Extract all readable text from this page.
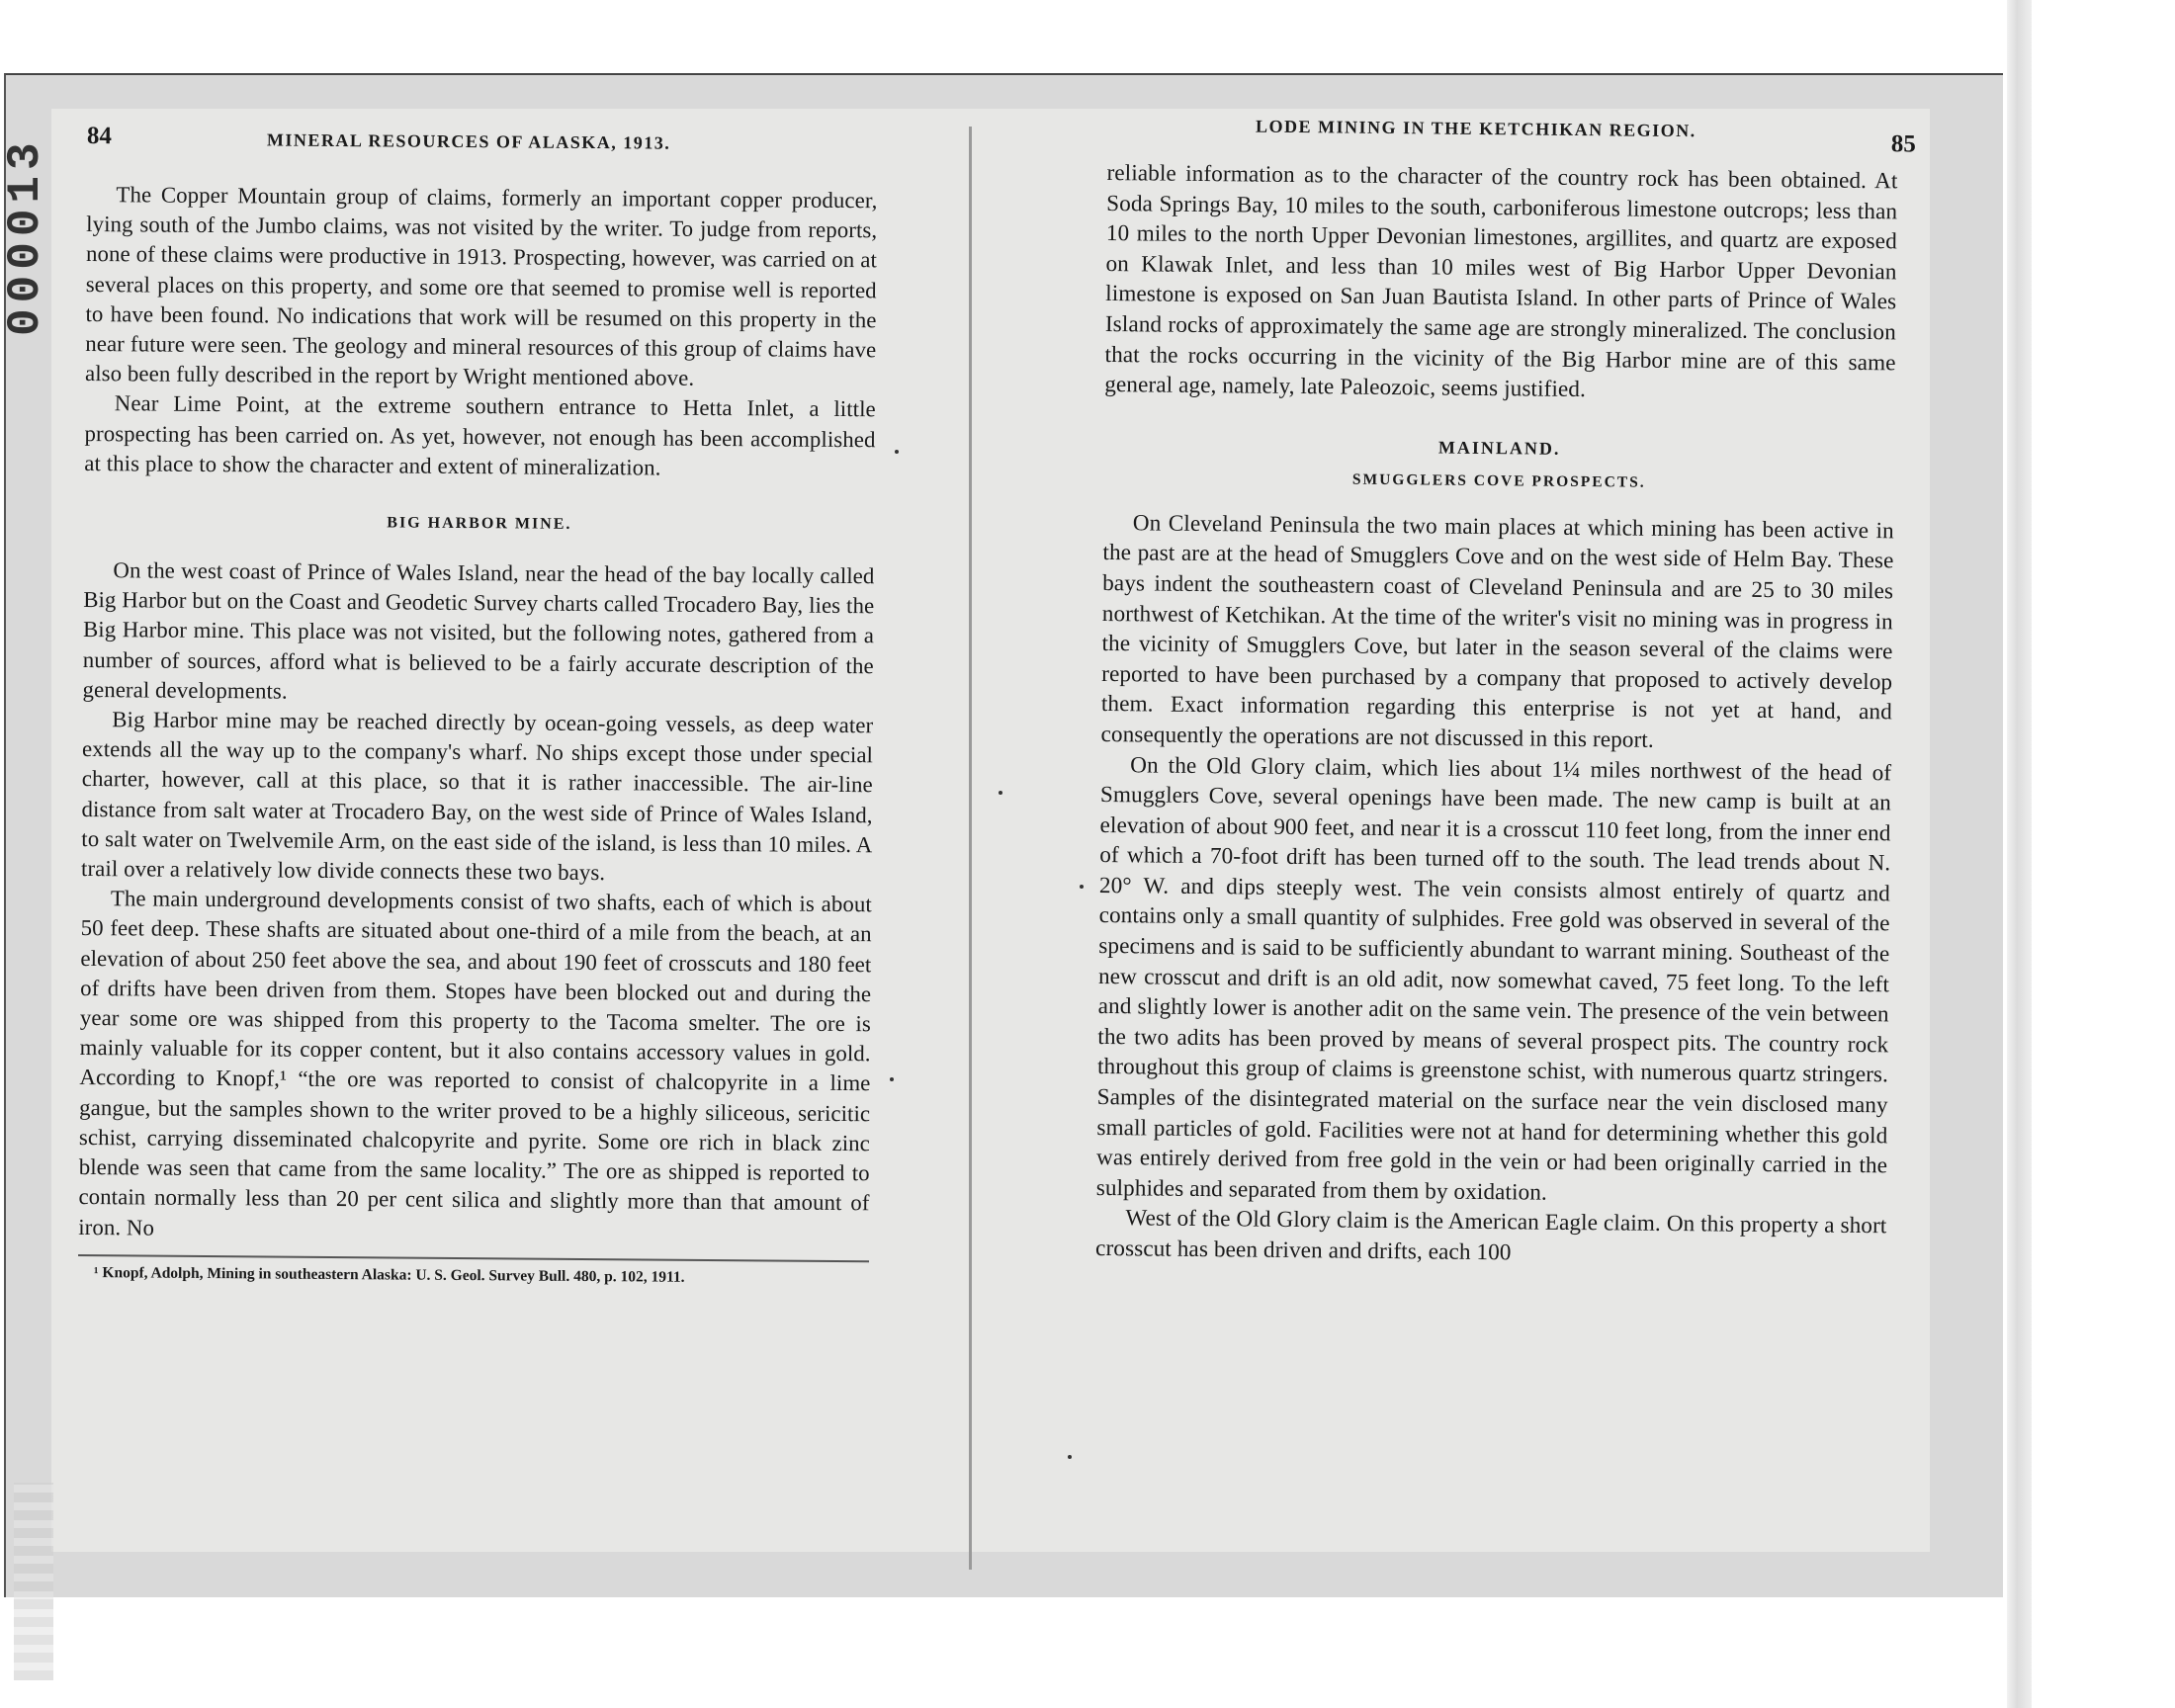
000013
84	MINERAL RESOURCES OF ALASKA, 1913.

The Copper Mountain group of claims, formerly an important copper producer, lying south of the Jumbo claims, was not visited by the writer. To judge from reports, none of these claims were productive in 1913. Prospecting, however, was carried on at several places on this property, and some ore that seemed to promise well is reported to have been found. No indications that work will be resumed on this property in the near future were seen. The geology and mineral resources of this group of claims have also been fully described in the report by Wright mentioned above.

Near Lime Point, at the extreme southern entrance to Hetta Inlet, a little prospecting has been carried on. As yet, however, not enough has been accomplished at this place to show the character and extent of mineralization.

BIG HARBOR MINE.

On the west coast of Prince of Wales Island, near the head of the bay locally called Big Harbor but on the Coast and Geodetic Survey charts called Trocadero Bay, lies the Big Harbor mine. This place was not visited, but the following notes, gathered from a number of sources, afford what is believed to be a fairly accurate description of the general developments.

Big Harbor mine may be reached directly by ocean-going vessels, as deep water extends all the way up to the company's wharf. No ships except those under special charter, however, call at this place, so that it is rather inaccessible. The air-line distance from salt water at Trocadero Bay, on the west side of Prince of Wales Island, to salt water on Twelvemile Arm, on the east side of the island, is less than 10 miles. A trail over a relatively low divide connects these two bays.

The main underground developments consist of two shafts, each of which is about 50 feet deep. These shafts are situated about one-third of a mile from the beach, at an elevation of about 250 feet above the sea, and about 190 feet of crosscuts and 180 feet of drifts have been driven from them. Stopes have been blocked out and during the year some ore was shipped from this property to the Tacoma smelter. The ore is mainly valuable for its copper content, but it also contains accessory values in gold. According to Knopf,¹ “the ore was reported to consist of chalcopyrite in a lime gangue, but the samples shown to the writer proved to be a highly siliceous, sericitic schist, carrying disseminated chalcopyrite and pyrite. Some ore rich in black zinc blende was seen that came from the same locality.” The ore as shipped is reported to contain normally less than 20 per cent silica and slightly more than that amount of iron. No

¹ Knopf, Adolph, Mining in southeastern Alaska: U. S. Geol. Survey Bull. 480, p. 102, 1911.
LODE MINING IN THE KETCHIKAN REGION.
85

reliable information as to the character of the country rock has been obtained. At Soda Springs Bay, 10 miles to the south, carboniferous limestone outcrops; less than 10 miles to the north Upper Devonian limestones, argillites, and quartz are exposed on Klawak Inlet, and less than 10 miles west of Big Harbor Upper Devonian limestone is exposed on San Juan Bautista Island. In other parts of Prince of Wales Island rocks of approximately the same age are strongly mineralized. The conclusion that the rocks occurring in the vicinity of the Big Harbor mine are of this same general age, namely, late Paleozoic, seems justified.

MAINLAND.
SMUGGLERS COVE PROSPECTS.

On Cleveland Peninsula the two main places at which mining has been active in the past are at the head of Smugglers Cove and on the west side of Helm Bay. These bays indent the southeastern coast of Cleveland Peninsula and are 25 to 30 miles northwest of Ketchikan. At the time of the writer's visit no mining was in progress in the vicinity of Smugglers Cove, but later in the season several of the claims were reported to have been purchased by a company that proposed to actively develop them. Exact information regarding this enterprise is not yet at hand, and consequently the operations are not discussed in this report.

On the Old Glory claim, which lies about 1¼ miles northwest of the head of Smugglers Cove, several openings have been made. The new camp is built at an elevation of about 900 feet, and near it is a crosscut 110 feet long, from the inner end of which a 70-foot drift has been turned off to the south. The lead trends about N. 20° W. and dips steeply west. The vein consists almost entirely of quartz and contains only a small quantity of sulphides. Free gold was observed in several of the specimens and is said to be sufficiently abundant to warrant mining. Southeast of the new crosscut and drift is an old adit, now somewhat caved, 75 feet long. To the left and slightly lower is another adit on the same vein. The presence of the vein between the two adits has been proved by means of several prospect pits. The country rock throughout this group of claims is greenstone schist, with numerous quartz stringers. Samples of the disintegrated material on the surface near the vein disclosed many small particles of gold. Facilities were not at hand for determining whether this gold was entirely derived from free gold in the vein or had been originally carried in the sulphides and separated from them by oxidation.

West of the Old Glory claim is the American Eagle claim. On this property a short crosscut has been driven and drifts, each 100
